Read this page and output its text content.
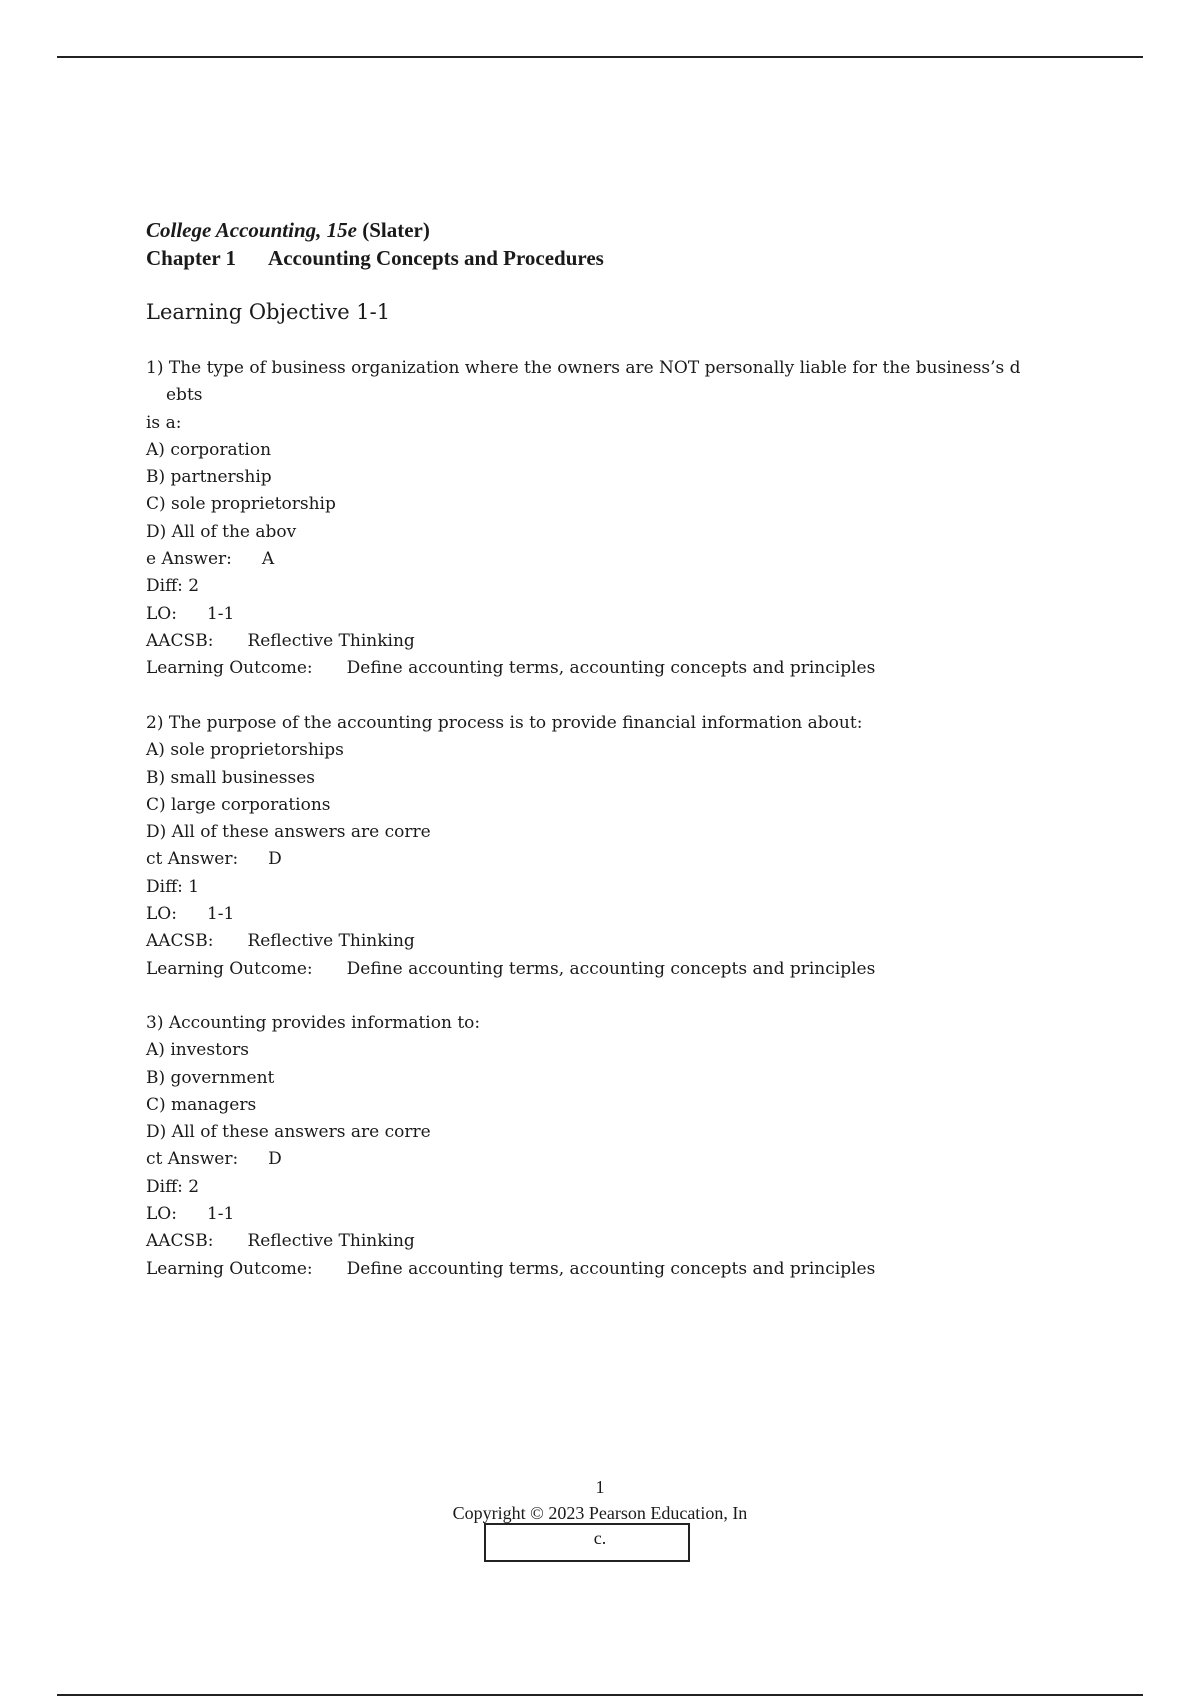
College Accounting, 15e (Slater)
Chapter 1 Accounting Concepts and Procedures
Learning Objective 1-1
1) The type of business organization where the owners are NOT personally liable for the business’s d
ebts
is a:
A) corporation
B) partnership
C) sole proprietorship
D) All of the abov
e Answer: A
Diff: 2
LO: 1-1
AACSB: Reflective Thinking
Learning Outcome: Define accounting terms, accounting concepts and principles
2) The purpose of the accounting process is to provide financial information about:
A) sole proprietorships
B) small businesses
C) large corporations
D) All of these answers are corre
ct Answer: D
Diff: 1
LO: 1-1
AACSB: Reflective Thinking
Learning Outcome: Define accounting terms, accounting concepts and principles
3) Accounting provides information to:
A) investors
B) government
C) managers
D) All of these answers are corre
ct Answer: D
Diff: 2
LO: 1-1
AACSB: Reflective Thinking
Learning Outcome: Define accounting terms, accounting concepts and principles
1
Copyright © 2023 Pearson Education, In
c.
